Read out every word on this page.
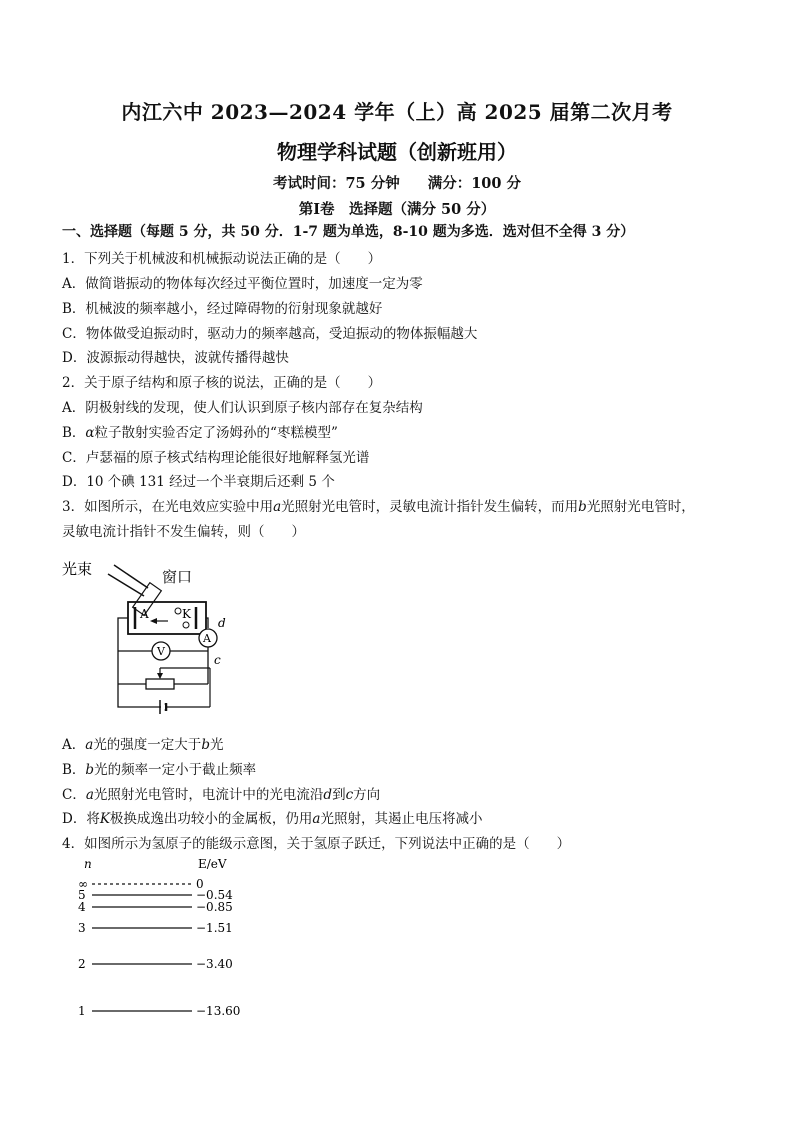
内江六中 2023—2024 学年（上）高 2025 届第二次月考
物理学科试题（创新班用）
考试时间：75 分钟 满分：100 分
第Ⅰ卷　选择题（满分 50 分）
一、选择题（每题 5 分，共 50 分．1-7 题为单选，8-10 题为多选．选对但不全得 3 分）
1．下列关于机械波和机械振动说法正确的是（　　）
A．做简谐振动的物体每次经过平衡位置时，加速度一定为零
B．机械波的频率越小，经过障碍物的衍射现象就越好
C．物体做受迫振动时，驱动力的频率越高，受迫振动的物体振幅越大
D．波源振动得越快，波就传播得越快
2．关于原子结构和原子核的说法，正确的是（　　）
A．阴极射线的发现，使人们认识到原子核内部存在复杂结构
B．α粒子散射实验否定了汤姆孙的“枣糕模型”
C．卢瑟福的原子核式结构理论能很好地解释氢光谱
D．10 个碘 131 经过一个半衰期后还剩 5 个
3．如图所示，在光电效应实验中用a光照射光电管时，灵敏电流计指针发生偏转，而用b光照射光电管时，
灵敏电流计指针不发生偏转，则（　　）
光束	窗口
A	K
A
d
c
V
A．a光的强度一定大于b光
B．b光的频率一定小于截止频率
C．a光照射光电管时，电流计中的光电流沿d到c方向
D．将K极换成逸出功较小的金属板，仍用a光照射，其遏止电压将减小
4．如图所示为氢原子的能级示意图，关于氢原子跃迁，下列说法中正确的是（　　）
n	E/eV
∞	0
5	−0.54
4	−0.85
3	−1.51
2	−3.40
1	−13.60
